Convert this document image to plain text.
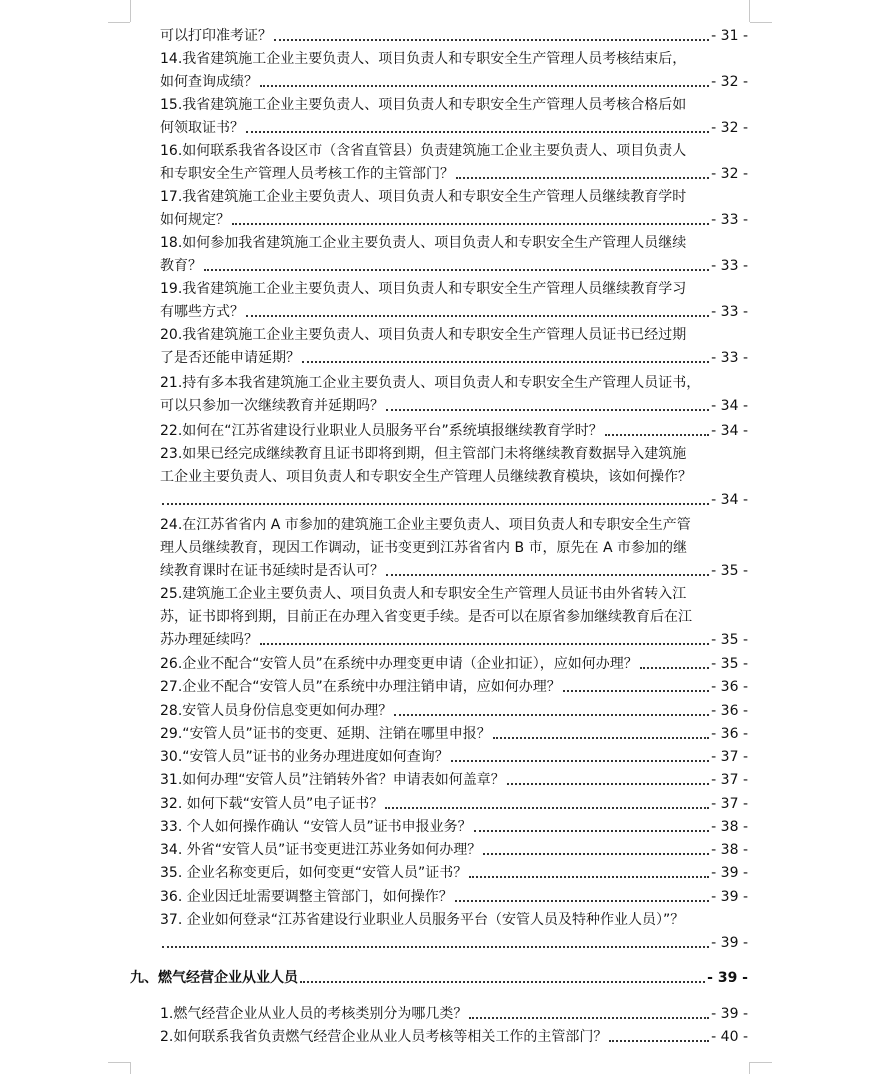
可以打印准考证？	- 31 -
14.我省建筑施工企业主要负责人、项目负责人和专职安全生产管理人员考核结束后，
如何查询成绩？	- 32 -
15.我省建筑施工企业主要负责人、项目负责人和专职安全生产管理人员考核合格后如
何领取证书？	- 32 -
16.如何联系我省各设区市（含省直管县）负责建筑施工企业主要负责人、项目负责人
和专职安全生产管理人员考核工作的主管部门？	- 32 -
17.我省建筑施工企业主要负责人、项目负责人和专职安全生产管理人员继续教育学时
如何规定？	- 33 -
18.如何参加我省建筑施工企业主要负责人、项目负责人和专职安全生产管理人员继续
教育？	- 33 -
19.我省建筑施工企业主要负责人、项目负责人和专职安全生产管理人员继续教育学习
有哪些方式？	- 33 -
20.我省建筑施工企业主要负责人、项目负责人和专职安全生产管理人员证书已经过期
了是否还能申请延期？	- 33 -
21.持有多本我省建筑施工企业主要负责人、项目负责人和专职安全生产管理人员证书，
可以只参加一次继续教育并延期吗？	- 34 -
22.如何在“江苏省建设行业职业人员服务平台”系统填报继续教育学时？	- 34 -
23.如果已经完成继续教育且证书即将到期，但主管部门未将继续教育数据导入建筑施
工企业主要负责人、项目负责人和专职安全生产管理人员继续教育模块，该如何操作？
- 34 -
24.在江苏省省内 A 市参加的建筑施工企业主要负责人、项目负责人和专职安全生产管
理人员继续教育，现因工作调动，证书变更到江苏省省内 B 市，原先在 A 市参加的继
续教育课时在证书延续时是否认可？	- 35 -
25.建筑施工企业主要负责人、项目负责人和专职安全生产管理人员证书由外省转入江
苏，证书即将到期，目前正在办理入省变更手续。是否可以在原省参加继续教育后在江
苏办理延续吗？	- 35 -
26.企业不配合“安管人员”在系统中办理变更申请（企业扣证），应如何办理？	- 35 -
27.企业不配合“安管人员”在系统中办理注销申请，应如何办理？	- 36 -
28.安管人员身份信息变更如何办理？	- 36 -
29.“安管人员”证书的变更、延期、注销在哪里申报？	- 36 -
30.“安管人员”证书的业务办理进度如何查询？	- 37 -
31.如何办理“安管人员”注销转外省？申请表如何盖章？	- 37 -
32. 如何下载“安管人员”电子证书？	- 37 -
33. 个人如何操作确认 “安管人员”证书申报业务？	- 38 -
34. 外省“安管人员”证书变更进江苏业务如何办理？	- 38 -
35. 企业名称变更后，如何变更“安管人员”证书？	- 39 -
36. 企业因迁址需要调整主管部门，如何操作？	- 39 -
37. 企业如何登录“江苏省建设行业职业人员服务平台（安管人员及特种作业人员）”？
- 39 -
九、燃气经营企业从业人员	- 39 -
1.燃气经营企业从业人员的考核类别分为哪几类？	- 39 -
2.如何联系我省负责燃气经营企业从业人员考核等相关工作的主管部门？	- 40 -
